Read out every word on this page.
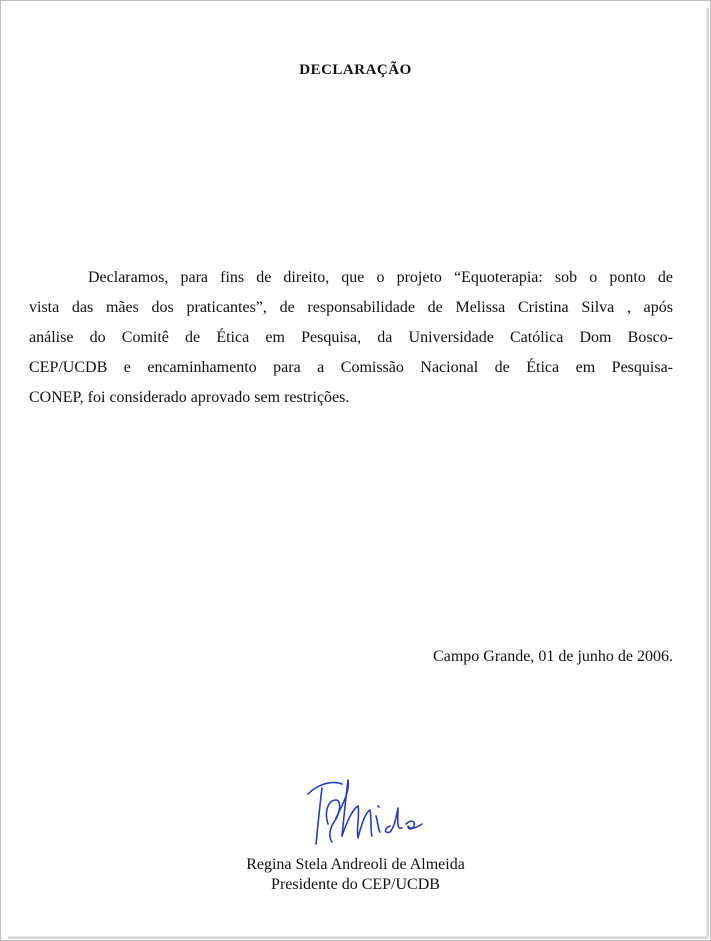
DECLARAÇÃO
Declaramos, para fins de direito, que o projeto “Equoterapia: sob o ponto de
vista das mães dos praticantes”, de responsabilidade de Melissa Cristina Silva , após
análise do Comitê de Ética em Pesquisa, da Universidade Católica Dom Bosco-
CEP/UCDB e encaminhamento para a Comissão Nacional de Ética em Pesquisa-
CONEP, foi considerado aprovado sem restrições.
Campo Grande, 01 de junho de 2006.
Regina Stela Andreoli de Almeida
Presidente do CEP/UCDB
